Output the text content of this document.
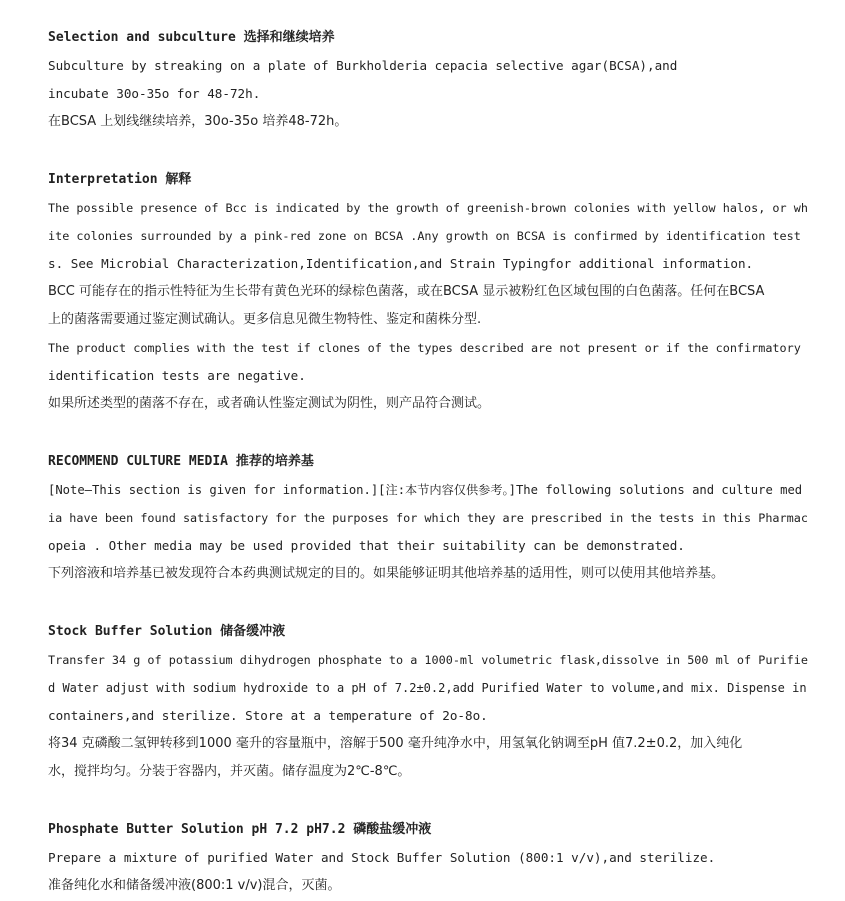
Selection and subculture 选择和继续培养
Subculture by streaking on a plate of Burkholderia cepacia selective agar(BCSA),and
incubate 30o-35o for 48-72h.
在BCSA 上划线继续培养，30o-35o 培养48-72h。
Interpretation 解释
The possible presence of Bcc is indicated by the growth of greenish-brown colonies with yellow halos, or wh
ite colonies surrounded by a pink-red zone on BCSA .Any growth on BCSA is confirmed by identification test
s. See Microbial Characterization,Identification,and Strain Typingfor additional information.
BCC 可能存在的指示性特征为生长带有黄色光环的绿棕色菌落，或在BCSA 显示被粉红色区域包围的白色菌落。任何在BCSA
上的菌落需要通过鉴定测试确认。更多信息见微生物特性、鉴定和菌株分型.
The product complies with the test if clones of the types described are not present or if the confirmatory
identification tests are negative.
如果所述类型的菌落不存在，或者确认性鉴定测试为阴性，则产品符合测试。
RECOMMEND CULTURE MEDIA 推荐的培养基
[Note—This section is given for information.][注:本节内容仅供参考。]The following solutions and culture med
ia have been found satisfactory for the purposes for which they are prescribed in the tests in this Pharmac
opeia . Other media may be used provided that their suitability can be demonstrated.
下列溶液和培养基已被发现符合本药典测试规定的目的。如果能够证明其他培养基的适用性，则可以使用其他培养基。
Stock Buffer Solution 储备缓冲液
Transfer 34 g of potassium dihydrogen phosphate to a 1000-ml volumetric flask,dissolve in 500 ml of Purifie
d Water adjust with sodium hydroxide to a pH of 7.2±0.2,add Purified Water to volume,and mix. Dispense in
containers,and sterilize. Store at a temperature of 2o-8o.
将34 克磷酸二氢钾转移到1000 毫升的容量瓶中，溶解于500 毫升纯净水中，用氢氧化钠调至pH 值7.2±0.2，加入纯化
水，搅拌均匀。分装于容器内，并灭菌。储存温度为2℃-8℃。
Phosphate Butter Solution pH 7.2 pH7.2 磷酸盐缓冲液
Prepare a mixture of purified Water and Stock Buffer Solution (800:1 v/v),and sterilize.
准备纯化水和储备缓冲液(800:1 v/v)混合，灭菌。
